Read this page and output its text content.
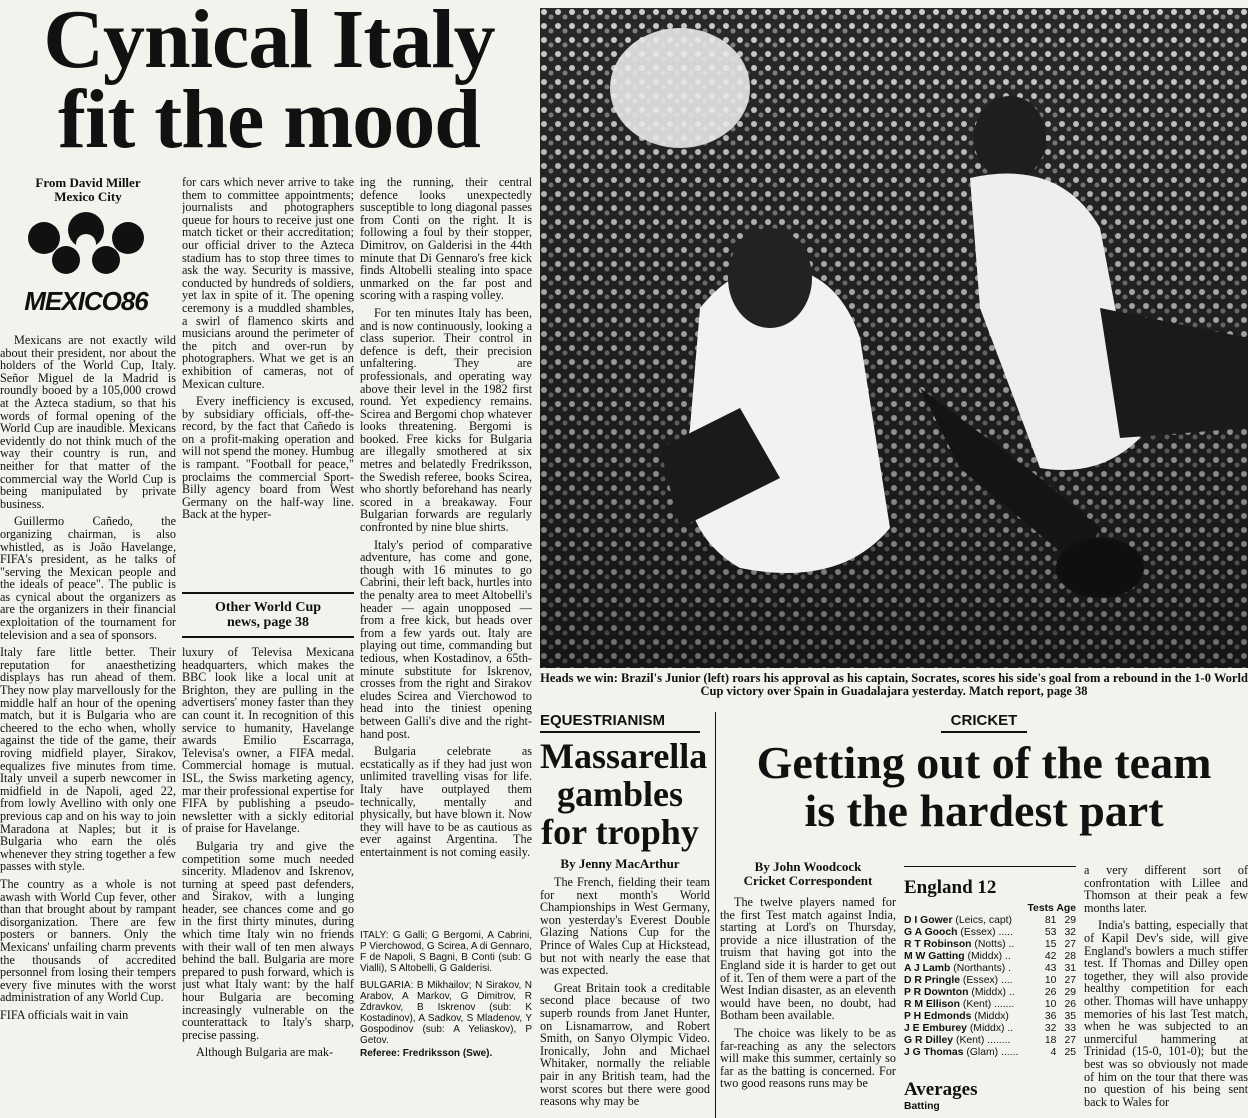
Cynical Italy
fit the mood
From David Miller
Mexico City
MEXICO86

Mexicans are not exactly wild about their president, nor about the holders of the World Cup, Italy. Señor Miguel de la Madrid is roundly booed by a 105,000 crowd at the Azteca stadium, so that his words of formal opening of the World Cup are inaudible. Mexicans evidently do not think much of the way their country is run, and neither for that matter of the commercial way the World Cup is being manipulated by private business.

Guillermo Cañedo, the organizing chairman, is also whistled, as is João Havelange, FIFA's president, as he talks of "serving the Mexican people and the ideals of peace". The public is as cynical about the organizers as are the organizers in their financial exploitation of the tournament for television and a sea of sponsors.

Italy fare little better. Their reputation for anaesthetizing displays has run ahead of them. They now play marvellously for the middle half an hour of the opening match, but it is Bulgaria who are cheered to the echo when, wholly against the tide of the game, their roving midfield player, Sirakov, equalizes five minutes from time. Italy unveil a superb newcomer in midfield in de Napoli, aged 22, from lowly Avellino with only one previous cap and on his way to join Maradona at Naples; but it is Bulgaria who earn the olés whenever they string together a few passes with style.

The country as a whole is not awash with World Cup fever, other than that brought about by rampant disorganization. There are few posters or banners. Only the Mexicans' unfailing charm prevents the thousands of accredited personnel from losing their tempers every five minutes with the worst administration of any World Cup.

FIFA officials wait in vain

for cars which never arrive to take them to committee appointments; journalists and photographers queue for hours to receive just one match ticket or their accreditation; our official driver to the Azteca stadium has to stop three times to ask the way. Security is massive, conducted by hundreds of soldiers, yet lax in spite of it. The opening ceremony is a muddled shambles, a swirl of flamenco skirts and musicians around the perimeter of the pitch and over-run by photographers. What we get is an exhibition of cameras, not of Mexican culture.

Every inefficiency is excused, by subsidiary officials, off-the-record, by the fact that Cañedo is on a profit-making operation and will not spend the money. Humbug is rampant. "Football for peace," proclaims the commercial Sport-Billy agency board from West Germany on the half-way line. Back at the hyper-

Other World Cup
news, page 38

luxury of Televisa Mexicana headquarters, which makes the BBC look like a local unit at Brighton, they are pulling in the advertisers' money faster than they can count it. In recognition of this service to humanity, Havelange awards Emilio Escarraga, Televisa's owner, a FIFA medal. Commercial homage is mutual. ISL, the Swiss marketing agency, mar their professional expertise for FIFA by publishing a pseudo-newsletter with a sickly editorial of praise for Havelange.

Bulgaria try and give the competition some much needed sincerity. Mladenov and Iskrenov, turning at speed past defenders, and Sirakov, with a lunging header, see chances come and go in the first thirty minutes, during which time Italy win no friends with their wall of ten men always behind the ball. Bulgaria are more prepared to push forward, which is just what Italy want: by the half hour Bulgaria are becoming increasingly vulnerable on the counterattack to Italy's sharp, precise passing.

Although Bulgaria are mak-

ing the running, their central defence looks unexpectedly susceptible to long diagonal passes from Conti on the right. It is following a foul by their stopper, Dimitrov, on Galderisi in the 44th minute that Di Gennaro's free kick finds Altobelli stealing into space unmarked on the far post and scoring with a rasping volley.

For ten minutes Italy has been, and is now continuously, looking a class superior. Their control in defence is deft, their precision unfaltering. They are professionals, and operating way above their level in the 1982 first round. Yet expediency remains. Scirea and Bergomi chop whatever looks threatening. Bergomi is booked. Free kicks for Bulgaria are illegally smothered at six metres and belatedly Fredriksson, the Swedish referee, books Scirea, who shortly beforehand has nearly scored in a breakaway. Four Bulgarian forwards are regularly confronted by nine blue shirts.

Italy's period of comparative adventure, has come and gone, though with 16 minutes to go Cabrini, their left back, hurtles into the penalty area to meet Altobelli's header — again unopposed — from a free kick, but heads over from a few yards out. Italy are playing out time, commanding but tedious, when Kostadinov, a 65th-minute substitute for Iskrenov, crosses from the right and Sirakov eludes Scirea and Vierchowod to head into the tiniest opening between Galli's dive and the right-hand post.

Bulgaria celebrate as ecstatically as if they had just won unlimited travelling visas for life. Italy have outplayed them technically, mentally and physically, but have blown it. Now they will have to be as cautious as ever against Argentina. The entertainment is not coming easily.

ITALY: G Galli; G Bergomi, A Cabrini, P Vierchowod, G Scirea, A di Gennaro, F de Napoli, S Bagni, B Conti (sub: G Vialli), S Altobelli, G Galderisi.
BULGARIA: B Mikhailov; N Sirakov, N Arabov, A Markov, G Dimitrov, R Zdravkov, B Iskrenov (sub: K Kostadinov), A Sadkov, S Mladenov, Y Gospodinov (sub: A Yeliaskov), P Getov.
Referee: Fredriksson (Swe).
Heads we win: Brazil's Junior (left) roars his approval as his captain, Socrates, scores his side's goal from a rebound in the 1-0 World Cup victory over Spain in Guadalajara yesterday. Match report, page 38
EQUESTRIANISM
Massarella gambles for trophy
By Jenny MacArthur

The French, fielding their team for next month's World Championships in West Germany, won yesterday's Everest Double Glazing Nations Cup for the Prince of Wales Cup at Hickstead, but not with nearly the ease that was expected.

Great Britain took a creditable second place because of two superb rounds from Janet Hunter, on Lisnamarrow, and Robert Smith, on Sanyo Olympic Video. Ironically, John and Michael Whitaker, normally the reliable pair in any British team, had the worst scores but there were good reasons why may be

CRICKET
Getting out of the team
is the hardest part
By John Woodcock
Cricket Correspondent

The twelve players named for the first Test match against India, starting at Lord's on Thursday, provide a nice illustration of the truism that having got into the England side it is harder to get out of it. Ten of them were a part of the West Indian disaster, as an eleventh would have been, no doubt, had Botham been available.

The choice was likely to be as far-reaching as any the selectors will make this summer, certainly so far as the batting is concerned. For two good reasons runs may be

England 12
Tests Age
D I Gower (Leics, capt)	81 29
G A Gooch (Essex) .....	53 32
R T Robinson (Notts) ..	15 27
M W Gatting (Middx) ..	42 28
A J Lamb (Northants) .	43 31
D R Pringle (Essex) ....	10 27
P R Downton (Middx) ..	26 29
R M Ellison (Kent) .......	10 26
P H Edmonds (Middx)	36 35
J E Emburey (Middx) ..	32 33
G R Dilley (Kent) ........	18 27
J G Thomas (Glam) ......	4 25
Averages
Batting

a very different sort of confrontation with Lillee and Thomson at their peak a few months later.

India's batting, especially that of Kapil Dev's side, will give England's bowlers a much stiffer test. If Thomas and Dilley open together, they will also provide healthy competition for each other. Thomas will have unhappy memories of his last Test match, when he was subjected to an unmerciful hammering at Trinidad (15-0, 101-0); but the best was so obviously not made of him on the tour that there was no question of his being sent back to Wales for
